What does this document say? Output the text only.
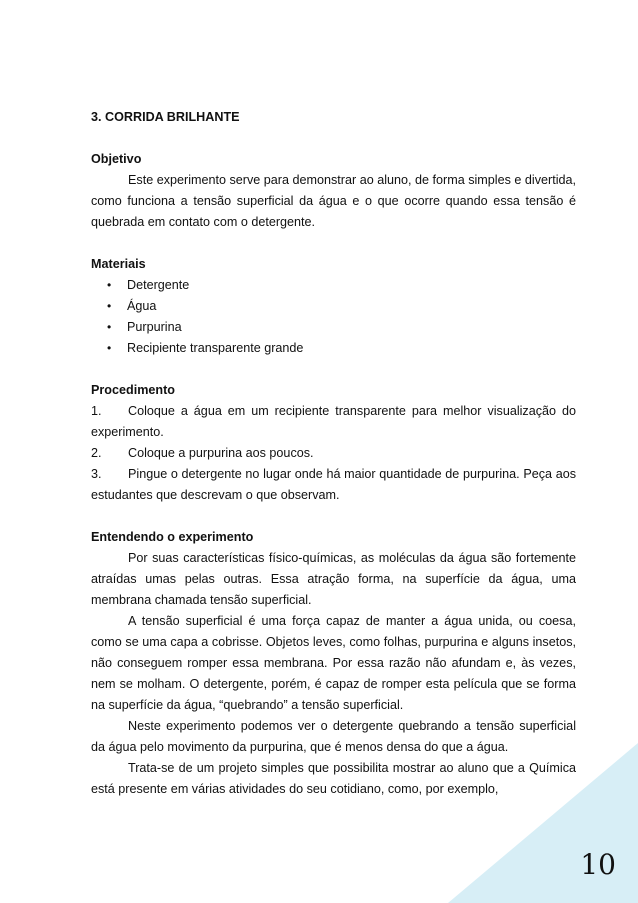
3. CORRIDA BRILHANTE

Objetivo

Este experimento serve para demonstrar ao aluno, de forma simples e divertida, como funciona a tensão superficial da água e o que ocorre quando essa tensão é quebrada em contato com o detergente.

Materiais

• Detergente
• Água
• Purpurina
• Recipiente transparente grande

Procedimento

1. Coloque a água em um recipiente transparente para melhor visualização do experimento.
2. Coloque a purpurina aos poucos.
3. Pingue o detergente no lugar onde há maior quantidade de purpurina. Peça aos estudantes que descrevam o que observam.

Entendendo o experimento

Por suas características físico-químicas, as moléculas da água são fortemente atraídas umas pelas outras. Essa atração forma, na superfície da água, uma membrana chamada tensão superficial.

A tensão superficial é uma força capaz de manter a água unida, ou coesa, como se uma capa a cobrisse. Objetos leves, como folhas, purpurina e alguns insetos, não conseguem romper essa membrana. Por essa razão não afundam e, às vezes, nem se molham. O detergente, porém, é capaz de romper esta película que se forma na superfície da água, “quebrando” a tensão superficial.

Neste experimento podemos ver o detergente quebrando a tensão superficial da água pelo movimento da purpurina, que é menos densa do que a água.

Trata-se de um projeto simples que possibilita mostrar ao aluno que a Química está presente em várias atividades do seu cotidiano, como, por exemplo,

10
